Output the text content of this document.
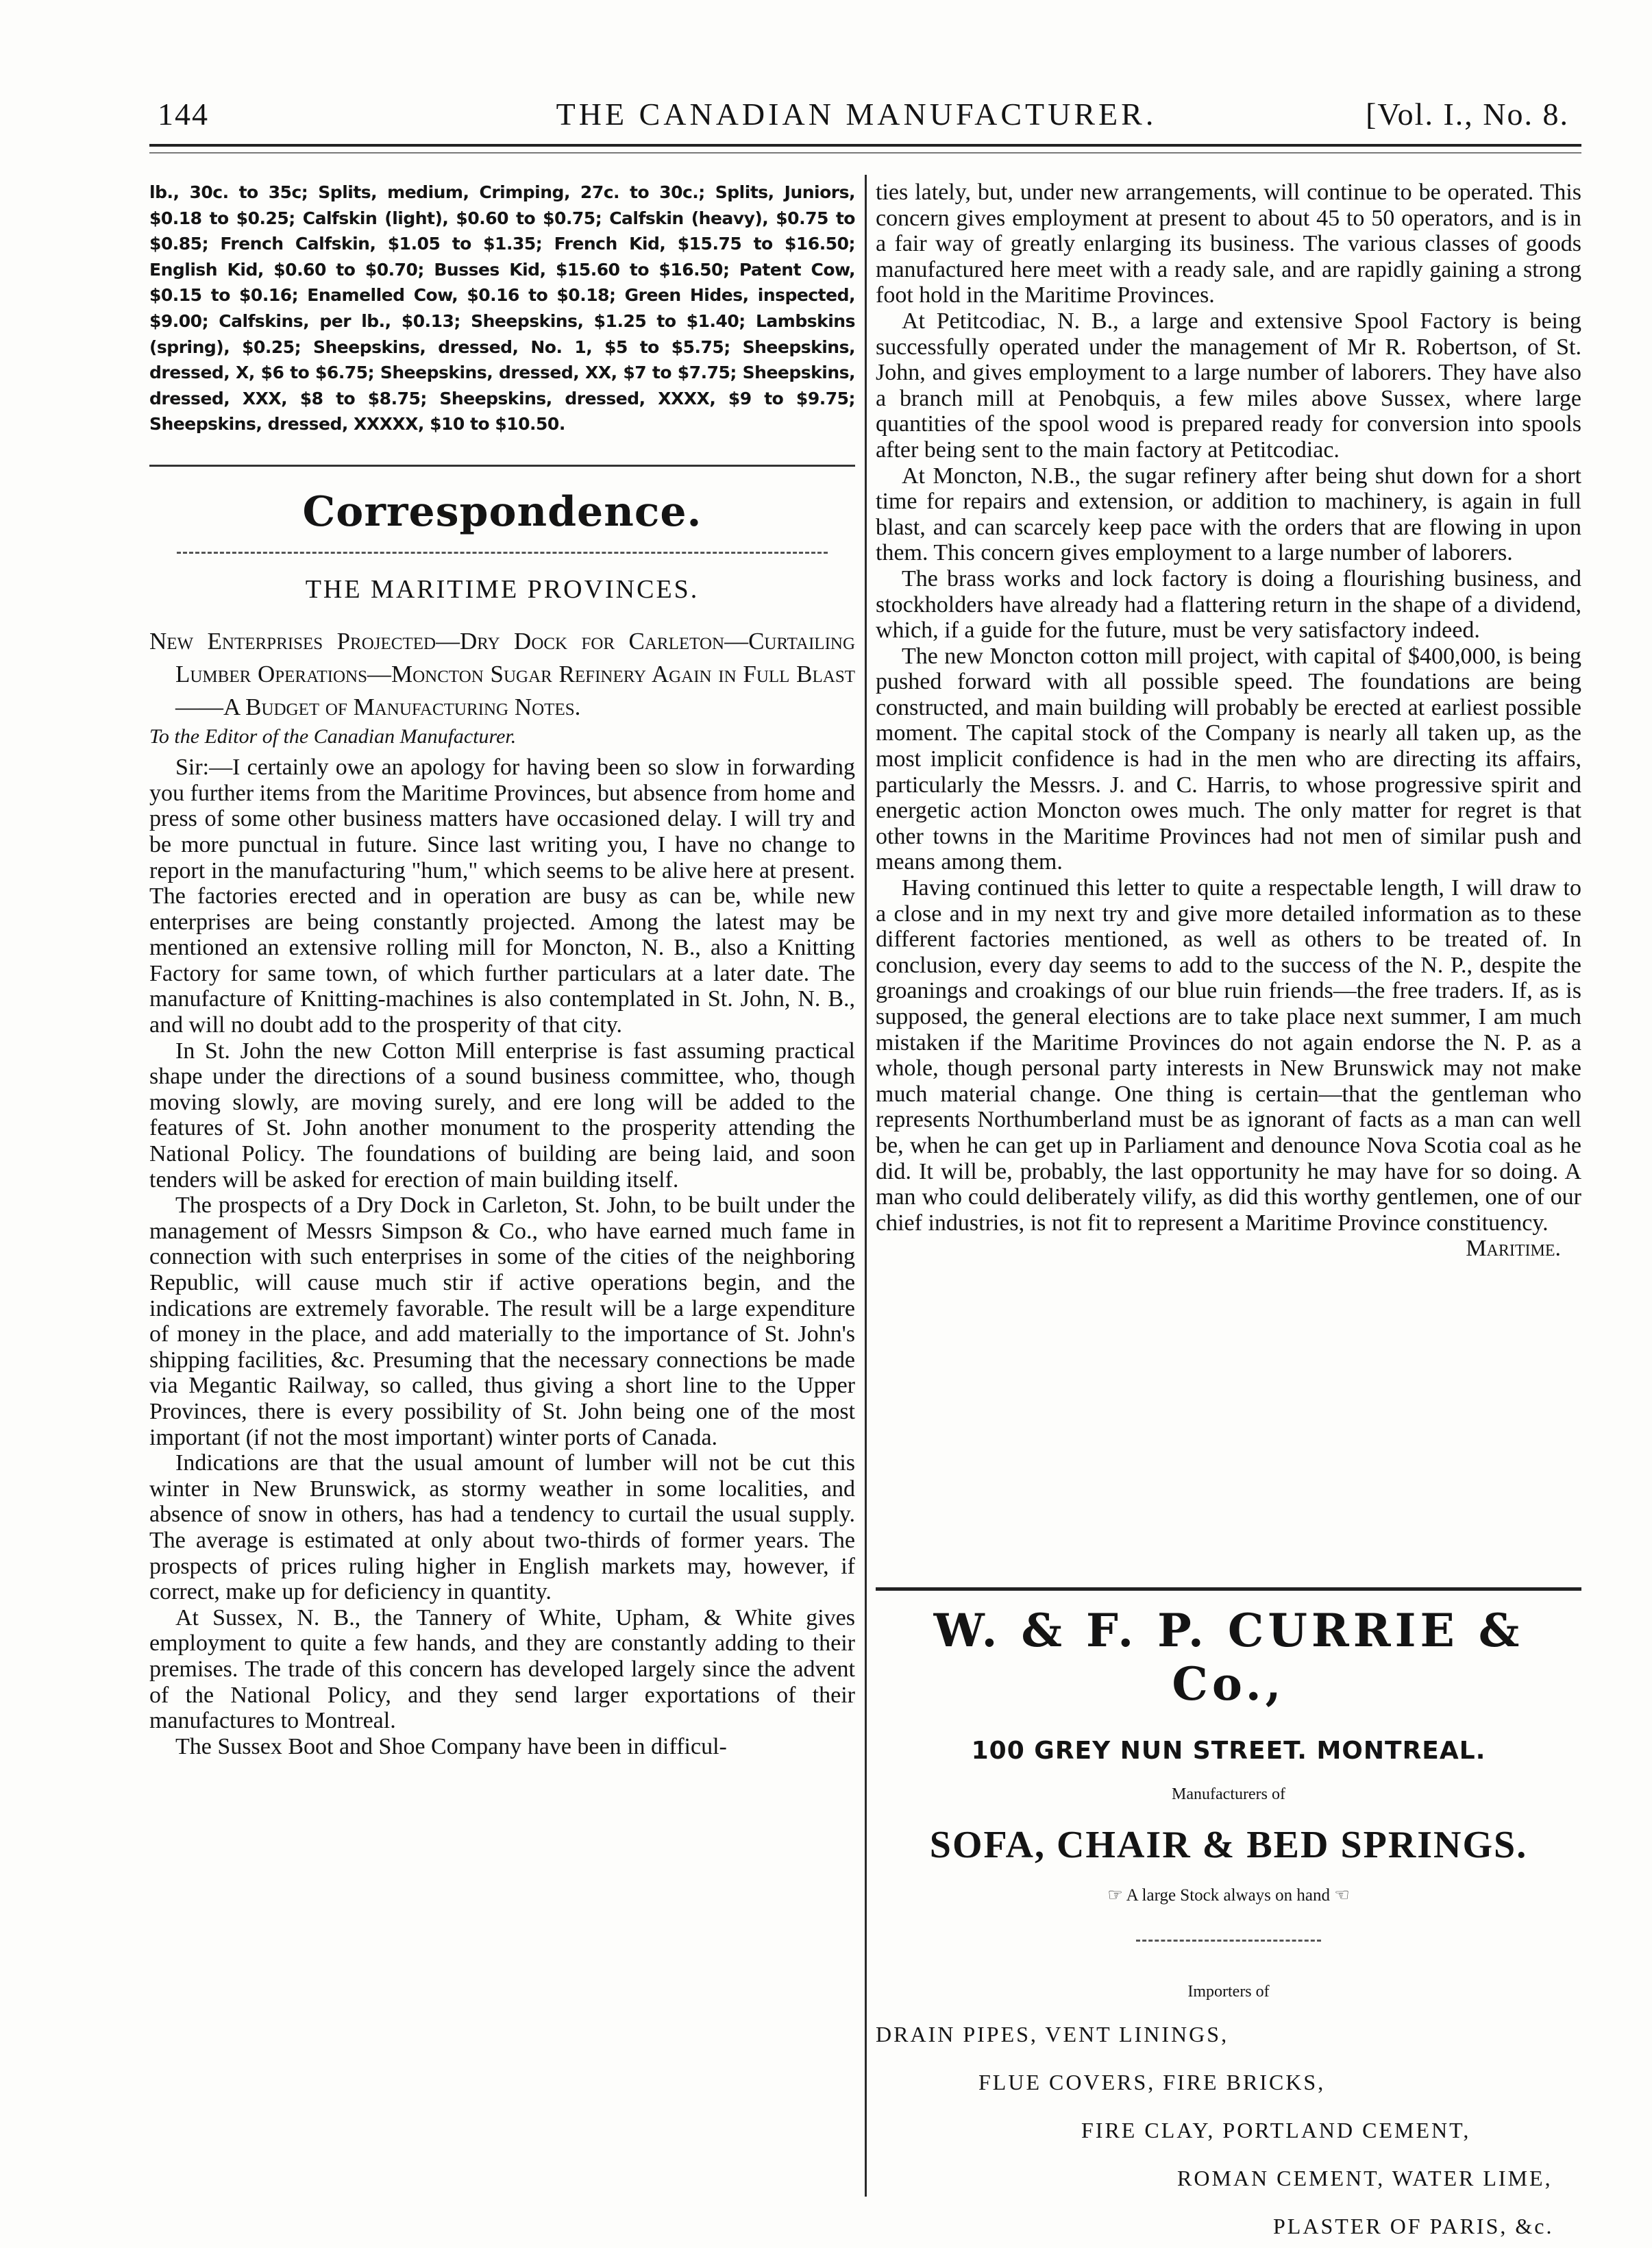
144	THE CANADIAN MANUFACTURER.	[Vol. I., No. 8.

lb., 30c. to 35c; Splits, medium, Crimping, 27c. to 30c.; Splits, Juniors, $0.18 to $0.25; Calfskin (light), $0.60 to $0.75; Calfskin (heavy), $0.75 to $0.85; French Calfskin, $1.05 to $1.35; French Kid, $15.75 to $16.50; English Kid, $0.60 to $0.70; Busses Kid, $15.60 to $16.50; Patent Cow, $0.15 to $0.16; Enamelled Cow, $0.16 to $0.18; Green Hides, inspected, $9.00; Calfskins, per lb., $0.13; Sheepskins, $1.25 to $1.40; Lambskins (spring), $0.25; Sheepskins, dressed, No. 1, $5 to $5.75; Sheepskins, dressed, X, $6 to $6.75; Sheepskins, dressed, XX, $7 to $7.75; Sheepskins, dressed, XXX, $8 to $8.75; Sheepskins, dressed, XXXX, $9 to $9.75; Sheepskins, dressed, XXXXX, $10 to $10.50.

Correspondence.
THE MARITIME PROVINCES.

New Enterprises Projected—Dry Dock for Carleton—Curtailing Lumber Operations—Moncton Sugar Refinery Again in Full Blast——A Budget of Manufacturing Notes.

To the Editor of the Canadian Manufacturer.

Sir:—I certainly owe an apology for having been so slow in forwarding you further items from the Maritime Provinces, but absence from home and press of some other business matters have occasioned delay. I will try and be more punctual in future. Since last writing you, I have no change to report in the manufacturing "hum," which seems to be alive here at present. The factories erected and in operation are busy as can be, while new enterprises are being constantly projected. Among the latest may be mentioned an extensive rolling mill for Moncton, N. B., also a Knitting Factory for same town, of which further particulars at a later date. The manufacture of Knitting-machines is also contemplated in St. John, N. B., and will no doubt add to the prosperity of that city.

In St. John the new Cotton Mill enterprise is fast assuming practical shape under the directions of a sound business committee, who, though moving slowly, are moving surely, and ere long will be added to the features of St. John another monument to the prosperity attending the National Policy. The foundations of building are being laid, and soon tenders will be asked for erection of main building itself.

The prospects of a Dry Dock in Carleton, St. John, to be built under the management of Messrs Simpson & Co., who have earned much fame in connection with such enterprises in some of the cities of the neighboring Republic, will cause much stir if active operations begin, and the indications are extremely favorable. The result will be a large expenditure of money in the place, and add materially to the importance of St. John's shipping facilities, &c. Presuming that the necessary connections be made via Megantic Railway, so called, thus giving a short line to the Upper Provinces, there is every possibility of St. John being one of the most important (if not the most important) winter ports of Canada.

Indications are that the usual amount of lumber will not be cut this winter in New Brunswick, as stormy weather in some localities, and absence of snow in others, has had a tendency to curtail the usual supply. The average is estimated at only about two-thirds of former years. The prospects of prices ruling higher in English markets may, however, if correct, make up for deficiency in quantity.

At Sussex, N. B., the Tannery of White, Upham, & White gives employment to quite a few hands, and they are constantly adding to their premises. The trade of this concern has developed largely since the advent of the National Policy, and they send larger exportations of their manufactures to Montreal.

The Sussex Boot and Shoe Company have been in difficul-

ties lately, but, under new arrangements, will continue to be operated. This concern gives employment at present to about 45 to 50 operators, and is in a fair way of greatly enlarging its business. The various classes of goods manufactured here meet with a ready sale, and are rapidly gaining a strong foot hold in the Maritime Provinces.

At Petitcodiac, N. B., a large and extensive Spool Factory is being successfully operated under the management of Mr R. Robertson, of St. John, and gives employment to a large number of laborers. They have also a branch mill at Penobquis, a few miles above Sussex, where large quantities of the spool wood is prepared ready for conversion into spools after being sent to the main factory at Petitcodiac.

At Moncton, N.B., the sugar refinery after being shut down for a short time for repairs and extension, or addition to machinery, is again in full blast, and can scarcely keep pace with the orders that are flowing in upon them. This concern gives employment to a large number of laborers.

The brass works and lock factory is doing a flourishing business, and stockholders have already had a flattering return in the shape of a dividend, which, if a guide for the future, must be very satisfactory indeed.

The new Moncton cotton mill project, with capital of $400,000, is being pushed forward with all possible speed. The foundations are being constructed, and main building will probably be erected at earliest possible moment. The capital stock of the Company is nearly all taken up, as the most implicit confidence is had in the men who are directing its affairs, particularly the Messrs. J. and C. Harris, to whose progressive spirit and energetic action Moncton owes much. The only matter for regret is that other towns in the Maritime Provinces had not men of similar push and means among them.

Having continued this letter to quite a respectable length, I will draw to a close and in my next try and give more detailed information as to these different factories mentioned, as well as others to be treated of. In conclusion, every day seems to add to the success of the N. P., despite the groanings and croakings of our blue ruin friends—the free traders. If, as is supposed, the general elections are to take place next summer, I am much mistaken if the Maritime Provinces do not again endorse the N. P. as a whole, though personal party interests in New Brunswick may not make much material change. One thing is certain—that the gentleman who represents Northumberland must be as ignorant of facts as a man can well be, when he can get up in Parliament and denounce Nova Scotia coal as he did. It will be, probably, the last opportunity he may have for so doing. A man who could deliberately vilify, as did this worthy gentlemen, one of our chief industries, is not fit to represent a Maritime Province constituency.

Maritime.

W. & F. P. CURRIE & Co.,
100 GREY NUN STREET. MONTREAL.
Manufacturers of
SOFA, CHAIR & BED SPRINGS.
☞ A large Stock always on hand ☜
Importers of
DRAIN PIPES, VENT LININGS,
FLUE COVERS, FIRE BRICKS,
FIRE CLAY, PORTLAND CEMENT,
ROMAN CEMENT, WATER LIME,
PLASTER OF PARIS, &c.
